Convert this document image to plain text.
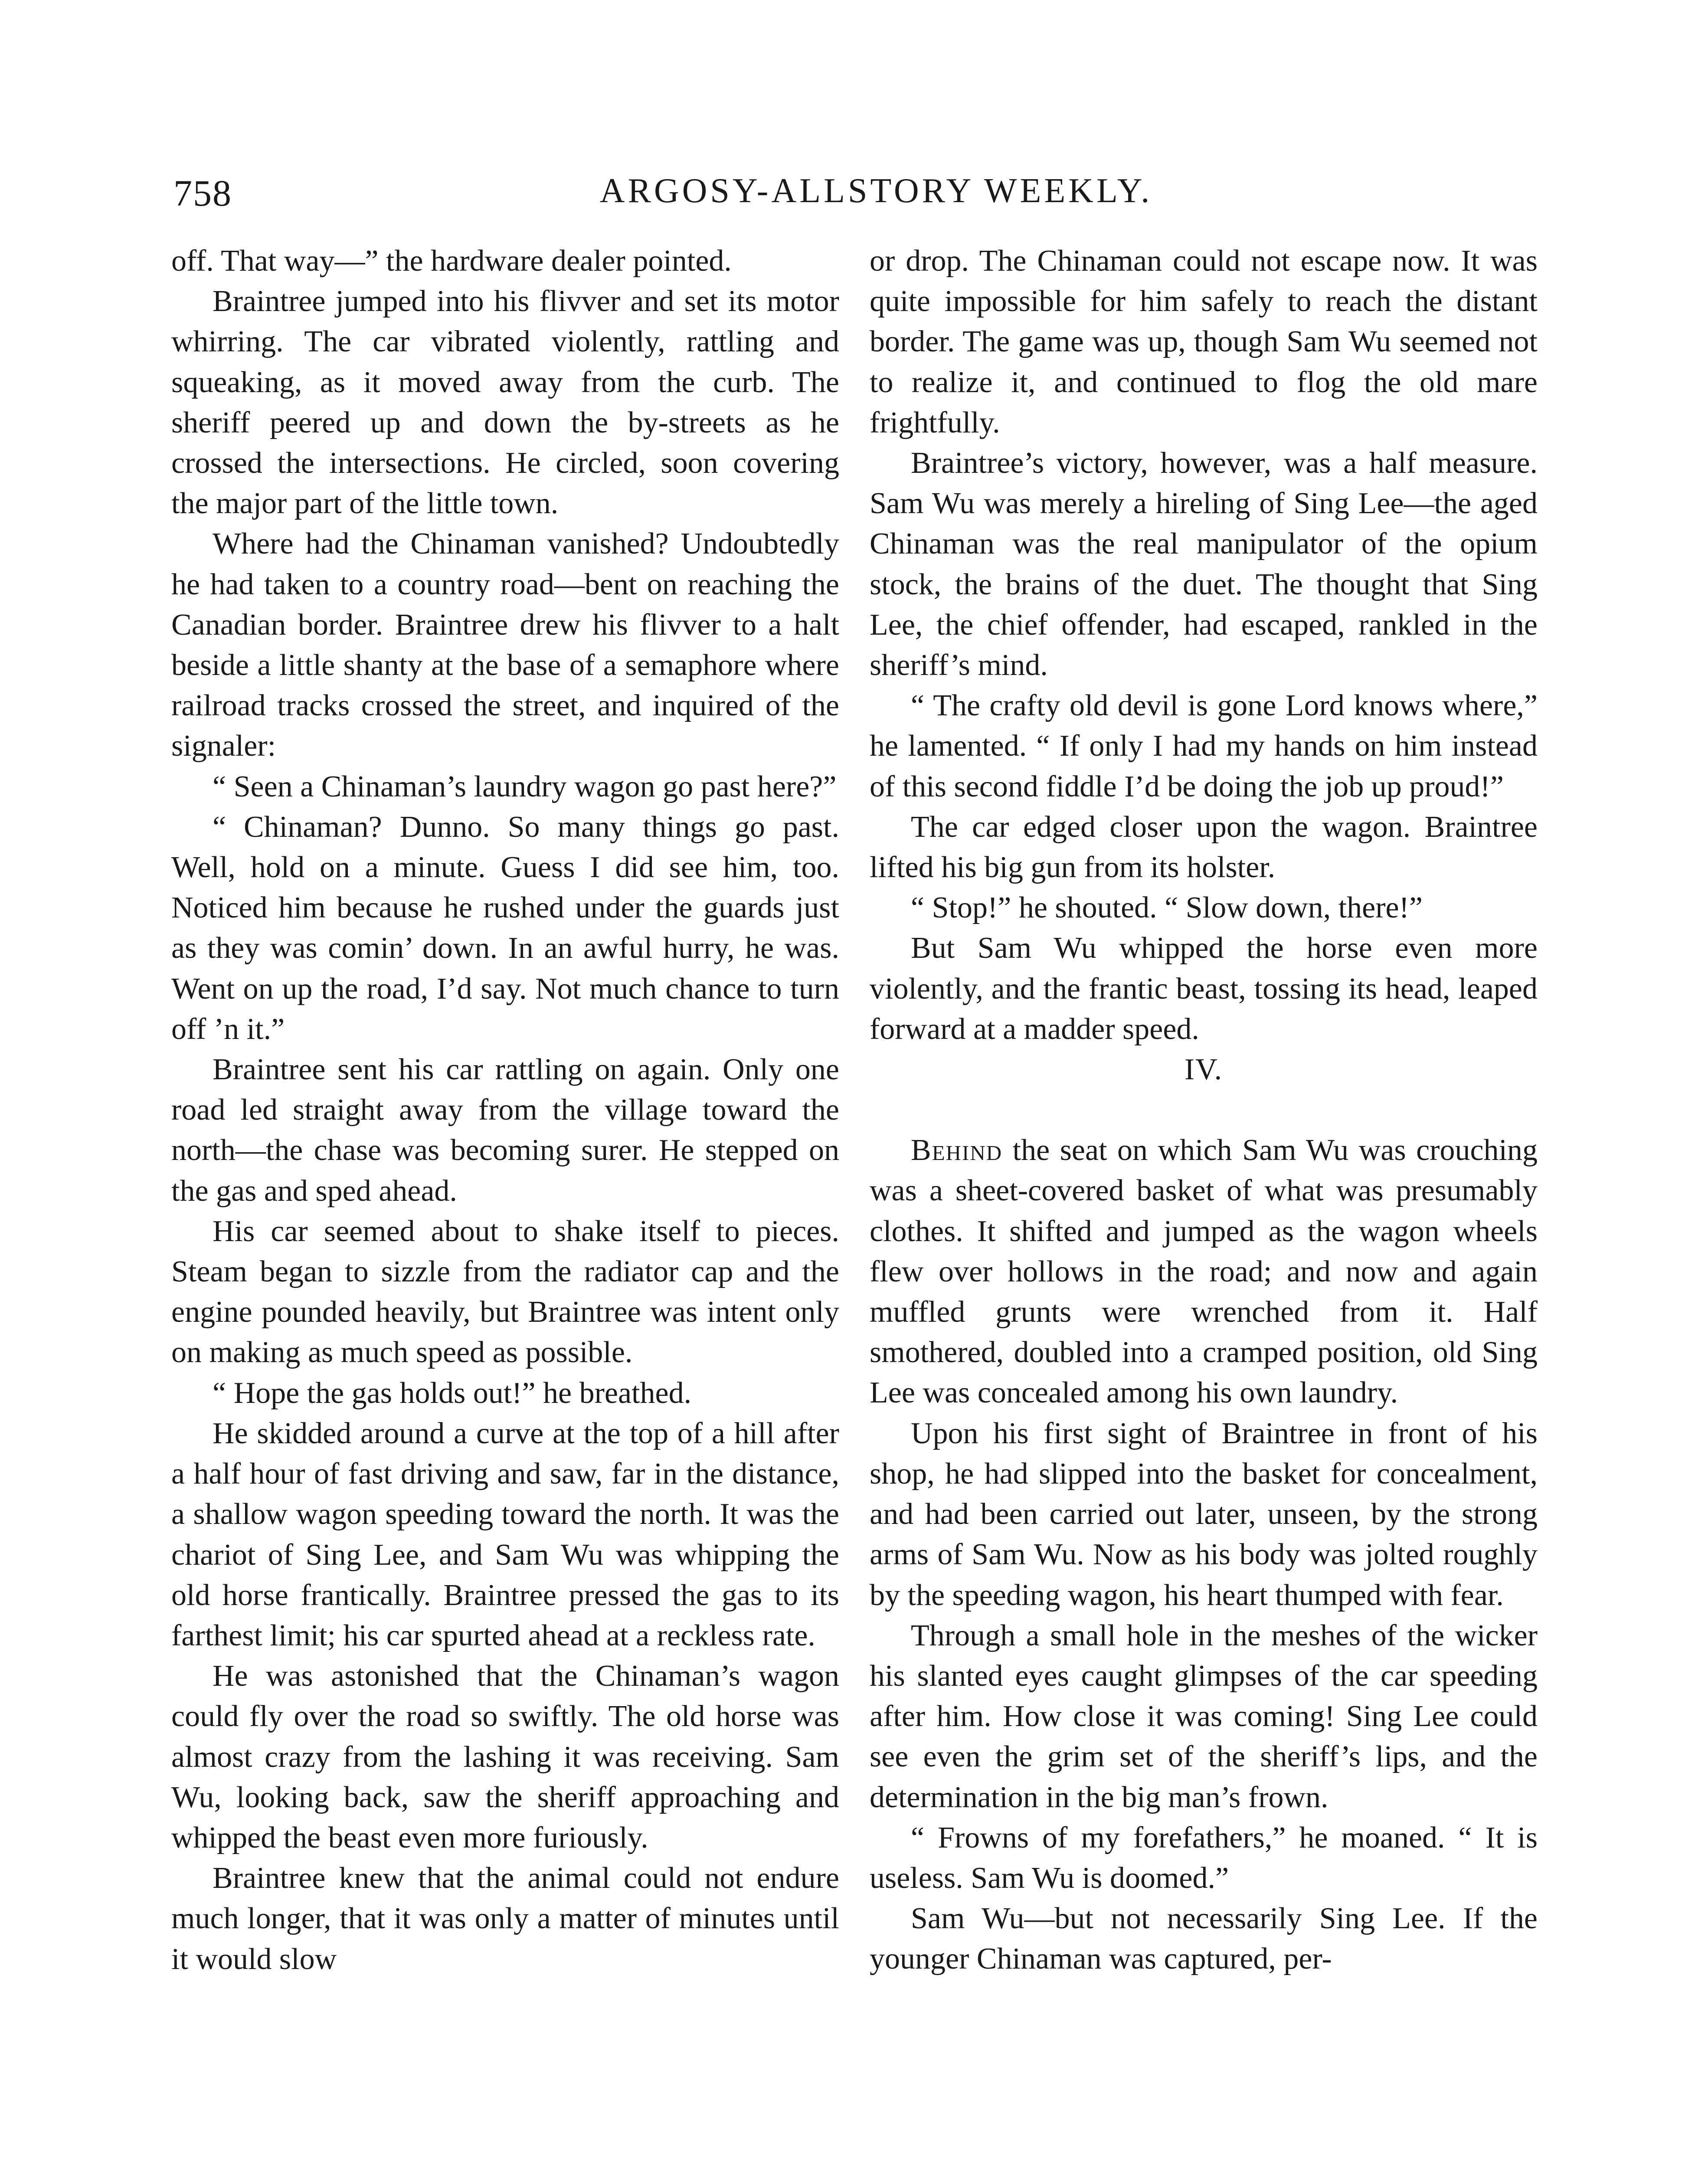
758	ARGOSY-ALLSTORY WEEKLY.

off. That way—” the hardware dealer pointed.

Braintree jumped into his flivver and set its motor whirring. The car vibrated violently, rattling and squeaking, as it moved away from the curb. The sheriff peered up and down the by-streets as he crossed the intersections. He circled, soon covering the major part of the little town.

Where had the Chinaman vanished? Undoubtedly he had taken to a country road—bent on reaching the Canadian border. Braintree drew his flivver to a halt beside a little shanty at the base of a semaphore where railroad tracks crossed the street, and inquired of the signaler:

“ Seen a Chinaman’s laundry wagon go past here?”

“ Chinaman? Dunno. So many things go past. Well, hold on a minute. Guess I did see him, too. Noticed him because he rushed under the guards just as they was comin’ down. In an awful hurry, he was. Went on up the road, I’d say. Not much chance to turn off ’n it.”

Braintree sent his car rattling on again. Only one road led straight away from the village toward the north—the chase was becoming surer. He stepped on the gas and sped ahead.

His car seemed about to shake itself to pieces. Steam began to sizzle from the radiator cap and the engine pounded heavily, but Braintree was intent only on making as much speed as possible.

“ Hope the gas holds out!” he breathed.

He skidded around a curve at the top of a hill after a half hour of fast driving and saw, far in the distance, a shallow wagon speeding toward the north. It was the chariot of Sing Lee, and Sam Wu was whipping the old horse frantically. Braintree pressed the gas to its farthest limit; his car spurted ahead at a reckless rate.

He was astonished that the Chinaman’s wagon could fly over the road so swiftly. The old horse was almost crazy from the lashing it was receiving. Sam Wu, looking back, saw the sheriff approaching and whipped the beast even more furiously.

Braintree knew that the animal could not endure much longer, that it was only a matter of minutes until it would slow

or drop. The Chinaman could not escape now. It was quite impossible for him safely to reach the distant border. The game was up, though Sam Wu seemed not to realize it, and continued to flog the old mare frightfully.

Braintree’s victory, however, was a half measure. Sam Wu was merely a hireling of Sing Lee—the aged Chinaman was the real manipulator of the opium stock, the brains of the duet. The thought that Sing Lee, the chief offender, had escaped, rankled in the sheriff’s mind.

“ The crafty old devil is gone Lord knows where,” he lamented. “ If only I had my hands on him instead of this second fiddle I’d be doing the job up proud!”

The car edged closer upon the wagon. Braintree lifted his big gun from its holster.

“ Stop!” he shouted. “ Slow down, there!”

But Sam Wu whipped the horse even more violently, and the frantic beast, tossing its head, leaped forward at a madder speed.

IV.

Behind the seat on which Sam Wu was crouching was a sheet-covered basket of what was presumably clothes. It shifted and jumped as the wagon wheels flew over hollows in the road; and now and again muffled grunts were wrenched from it. Half smothered, doubled into a cramped position, old Sing Lee was concealed among his own laundry.

Upon his first sight of Braintree in front of his shop, he had slipped into the basket for concealment, and had been carried out later, unseen, by the strong arms of Sam Wu. Now as his body was jolted roughly by the speeding wagon, his heart thumped with fear.

Through a small hole in the meshes of the wicker his slanted eyes caught glimpses of the car speeding after him. How close it was coming! Sing Lee could see even the grim set of the sheriff’s lips, and the determination in the big man’s frown.

“ Frowns of my forefathers,” he moaned. “ It is useless. Sam Wu is doomed.”

Sam Wu—but not necessarily Sing Lee. If the younger Chinaman was captured, per-
